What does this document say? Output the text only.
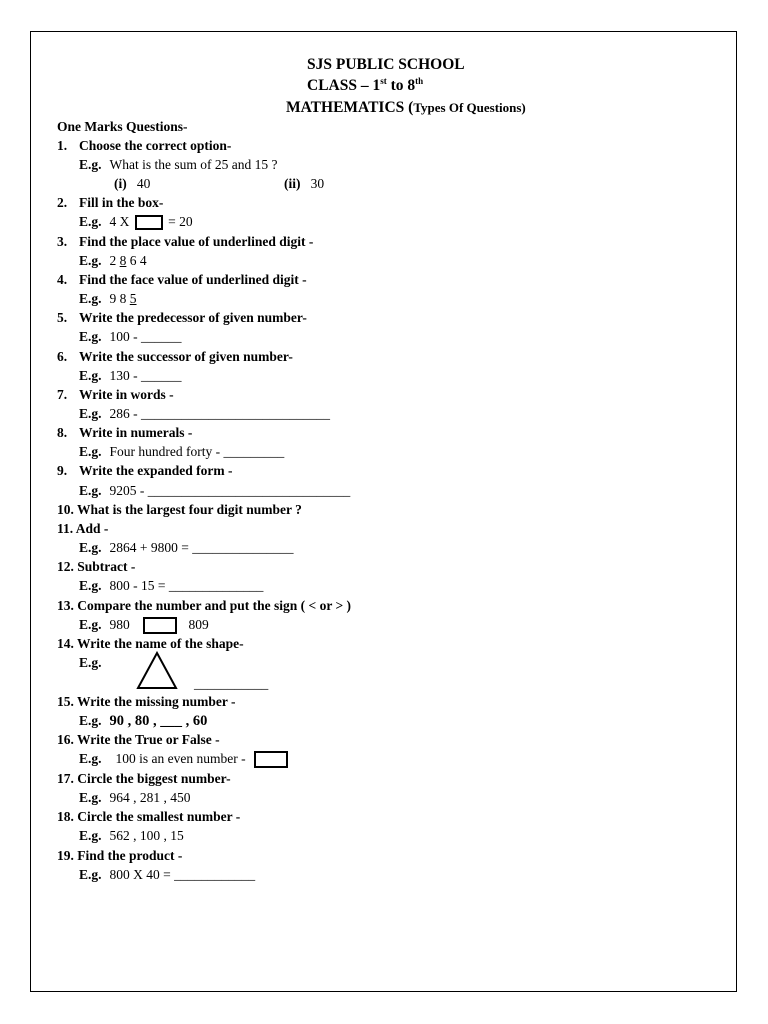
SJS PUBLIC SCHOOL
CLASS – 1st to 8th
MATHEMATICS (Types Of Questions)
One Marks Questions-
1. Choose the correct option-
E.g. What is the sum of 25 and 15 ?
(i) 40	(ii) 30
2. Fill in the box-
E.g. 4 X	= 20
3. Find the place value of underlined digit -
E.g. 2 8 6 4
4. Find the face value of underlined digit -
E.g. 9 8 5
5. Write the predecessor of given number-
E.g. 100 - ______
6. Write the successor of given number-
E.g. 130 - ______
7. Write in words -
E.g. 286 - ____________________________
8. Write in numerals -
E.g. Four hundred forty - _________
9. Write the expanded form -
E.g. 9205 - ______________________________
10. What is the largest four digit number ?
11. Add -
E.g. 2864 + 9800 = _______________
12. Subtract -
E.g. 800 - 15 = ______________
13. Compare the number and put the sign ( < or > )
E.g. 980	809
14. Write the name of the shape-
E.g.
___________
15. Write the missing number -
E.g. 90 , 80 , ___ , 60
16. Write the True or False -
E.g. 100 is an even number -
17. Circle the biggest number-
E.g. 964 , 281 , 450
18. Circle the smallest number -
E.g. 562 , 100 , 15
19. Find the product -
E.g. 800 X 40 = ____________
